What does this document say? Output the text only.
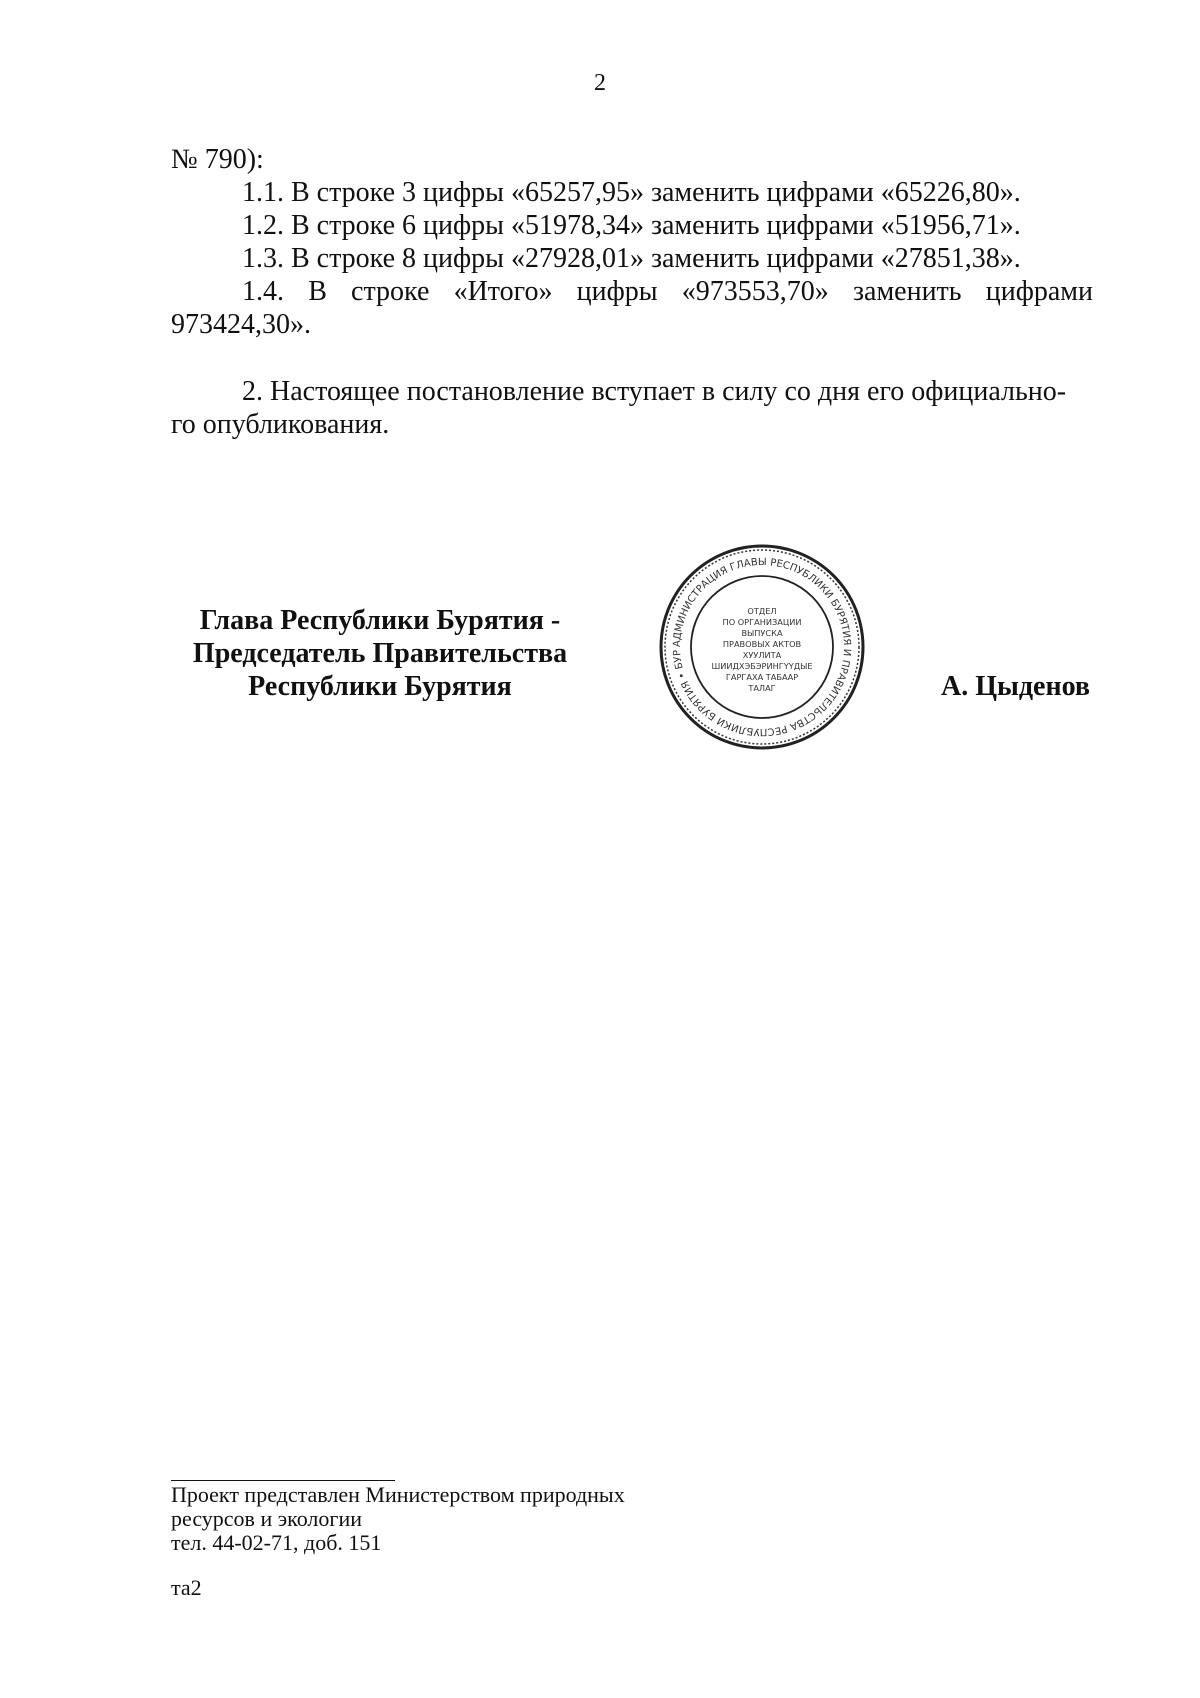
2
№ 790):
1.1. В строке 3 цифры «65257,95» заменить цифрами «65226,80».
1.2. В строке 6 цифры «51978,34» заменить цифрами «51956,71».
1.3. В строке 8 цифры «27928,01» заменить цифрами «27851,38».
1.4. В строке «Итого» цифры «973553,70» заменить цифрами
973424,30».
2. Настоящее постановление вступает в силу со дня его официально-
го опубликования.
Глава Республики Бурятия -
Председатель Правительства
Республики Бурятия
АДМИНИСТРАЦИЯ ГЛАВЫ РЕСПУБЛИКИ БУРЯТИЯ И ПРАВИТЕЛЬСТВА РЕСПУБЛИКИ БУРЯТИЯ • БУР
ОТДЕЛ
ПО ОРГАНИЗАЦИИ
ВЫПУСКА
ПРАВОВЫХ АКТОВ
ХУУЛИТА
ШИИДХЭБЭРИНГҮҮДЫЕ
ГАРГАХА ТАБААР
ТАЛАГ	А. Цыденов
Проект представлен Министерством природных
ресурсов и экологии
тел. 44-02-71, доб. 151
та2
